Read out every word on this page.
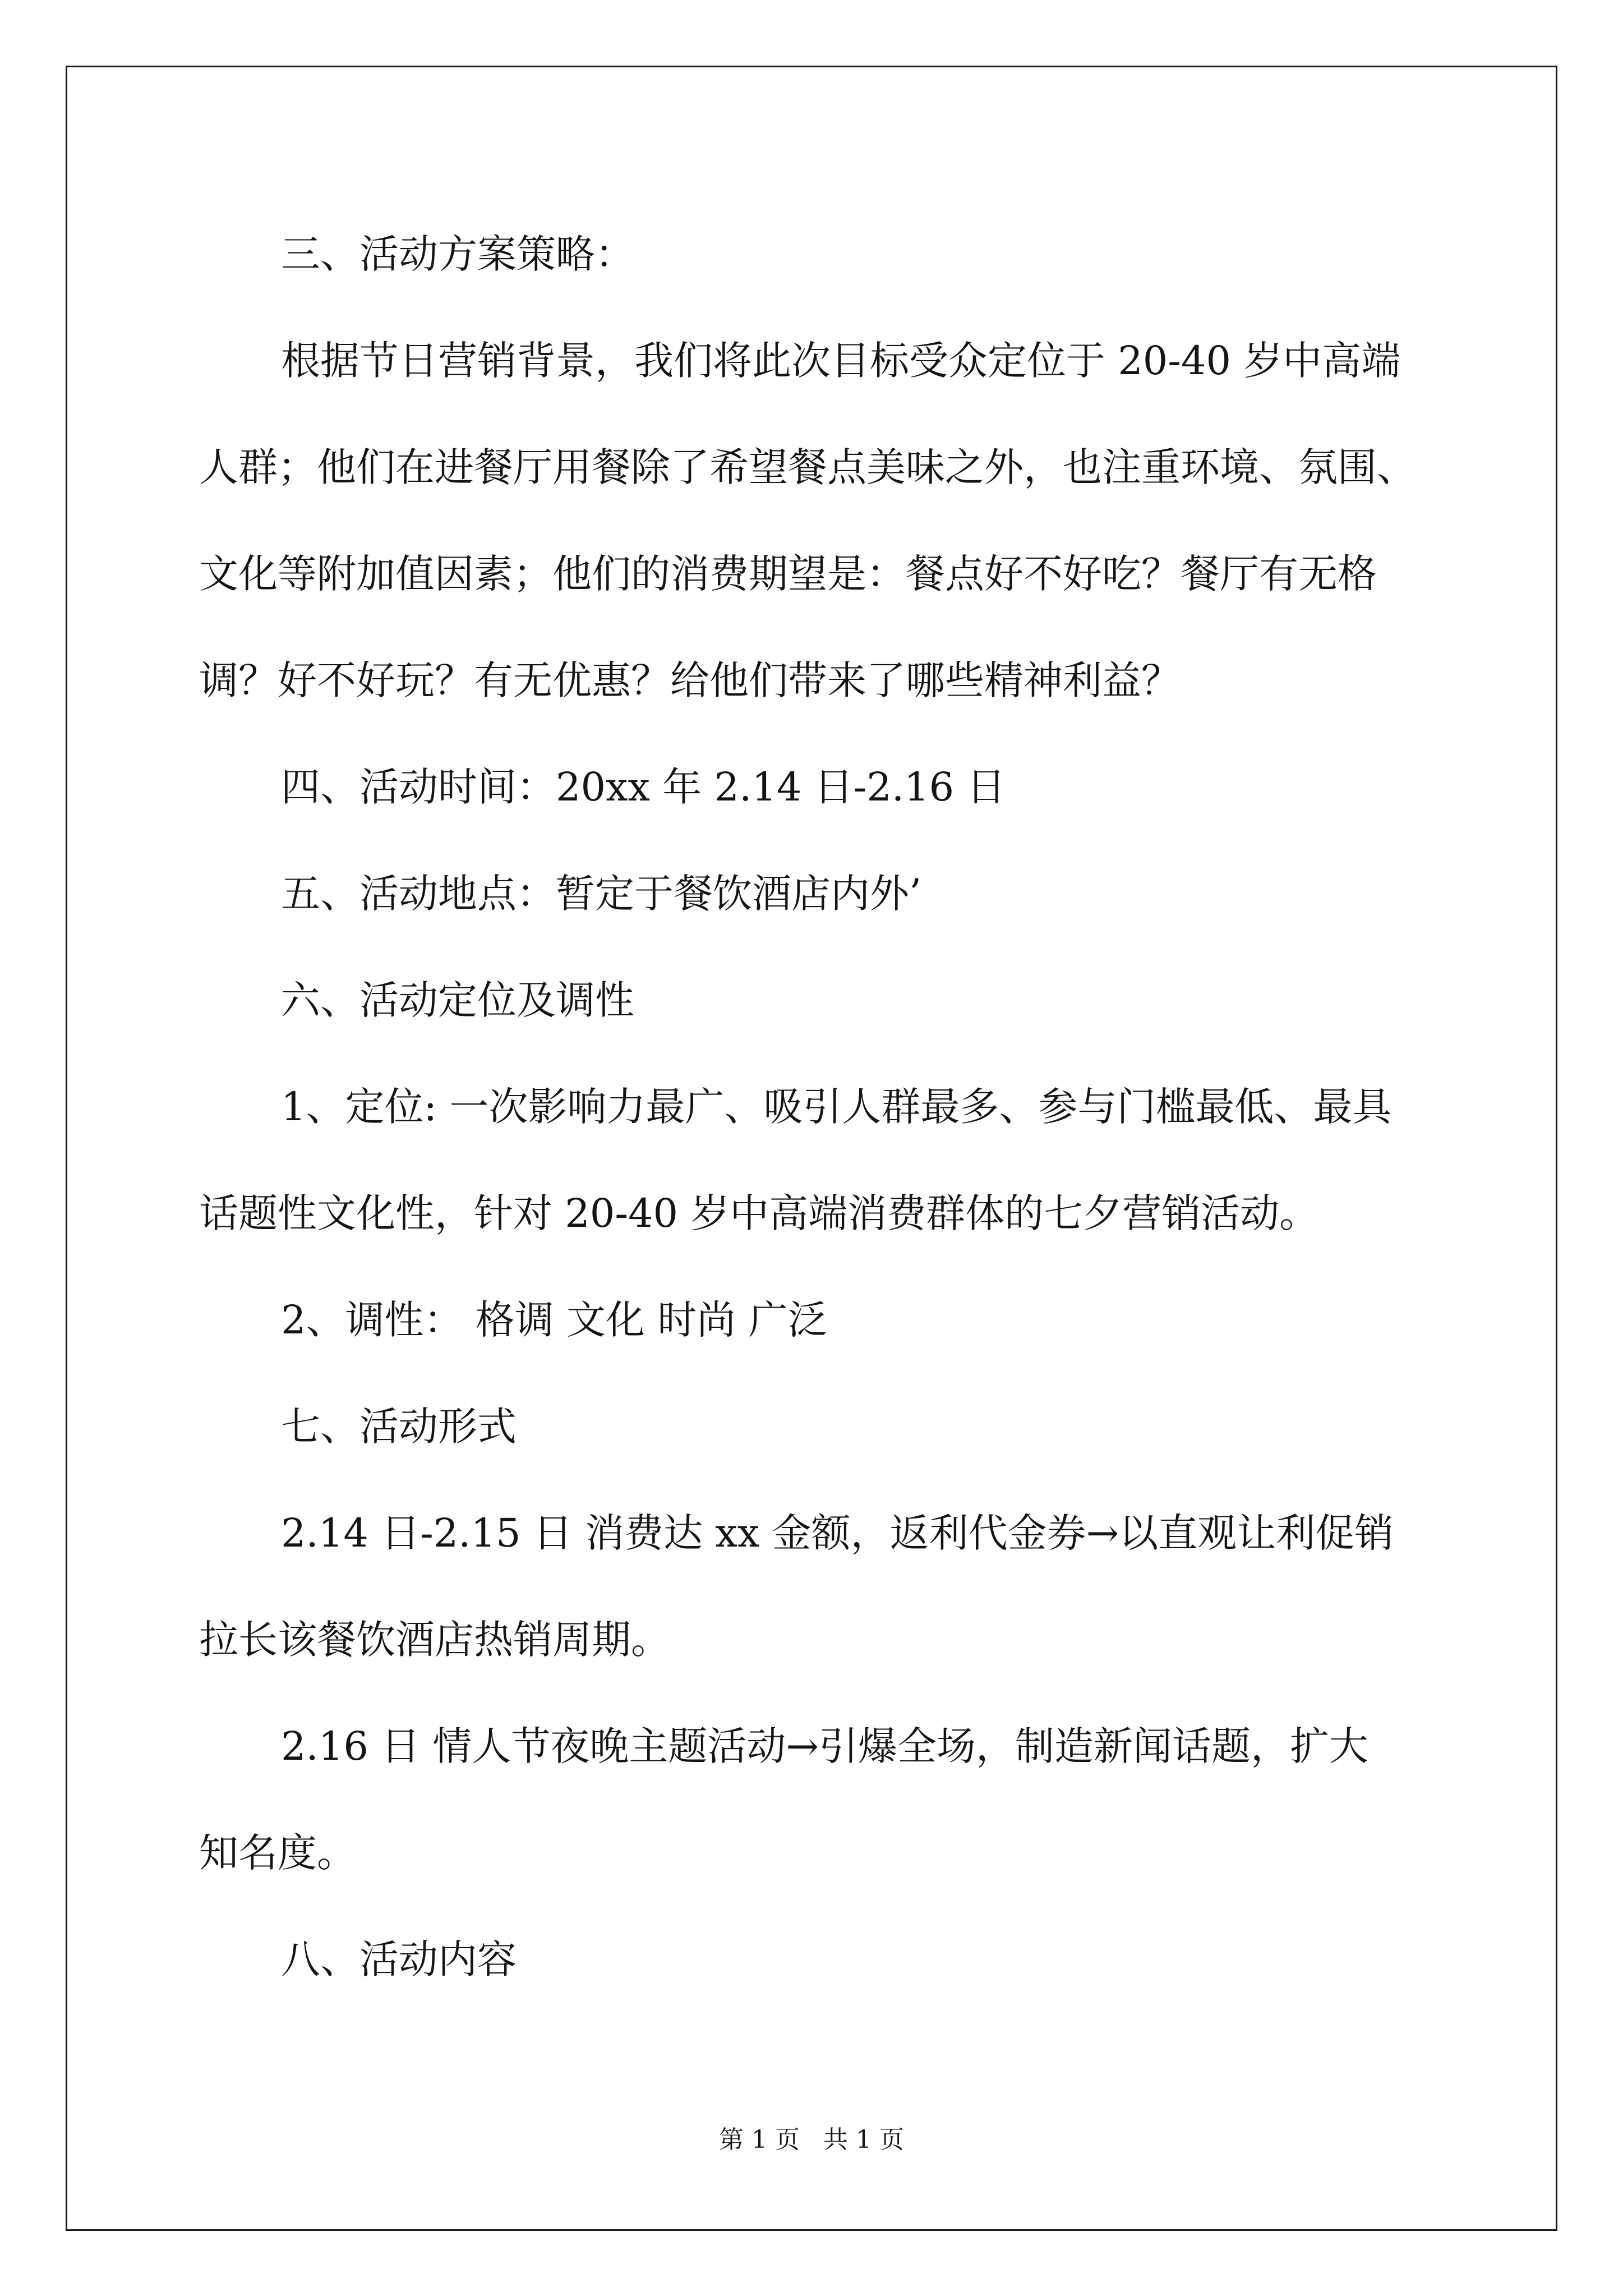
三、活动方案策略：

根据节日营销背景，我们将此次目标受众定位于 20-40 岁中高端

人群；他们在进餐厅用餐除了希望餐点美味之外，也注重环境、氛围、

文化等附加值因素；他们的消费期望是：餐点好不好吃？餐厅有无格

调？好不好玩？有无优惠？给他们带来了哪些精神利益？

四、活动时间：20xx 年 2.14 日-2.16 日

五、活动地点：暂定于餐饮酒店内外’

六、活动定位及调性

1、定位: 一次影响力最广、吸引人群最多、参与门槛最低、最具

话题性文化性，针对 20-40 岁中高端消费群体的七夕营销活动。

2、调性： 格调 文化 时尚 广泛

七、活动形式

2.14 日-2.15 日 消费达 xx 金额，返利代金券→以直观让利促销

拉长该餐饮酒店热销周期。

2.16 日 情人节夜晚主题活动→引爆全场，制造新闻话题，扩大

知名度。

八、活动内容

第 1 页   共 1 页
